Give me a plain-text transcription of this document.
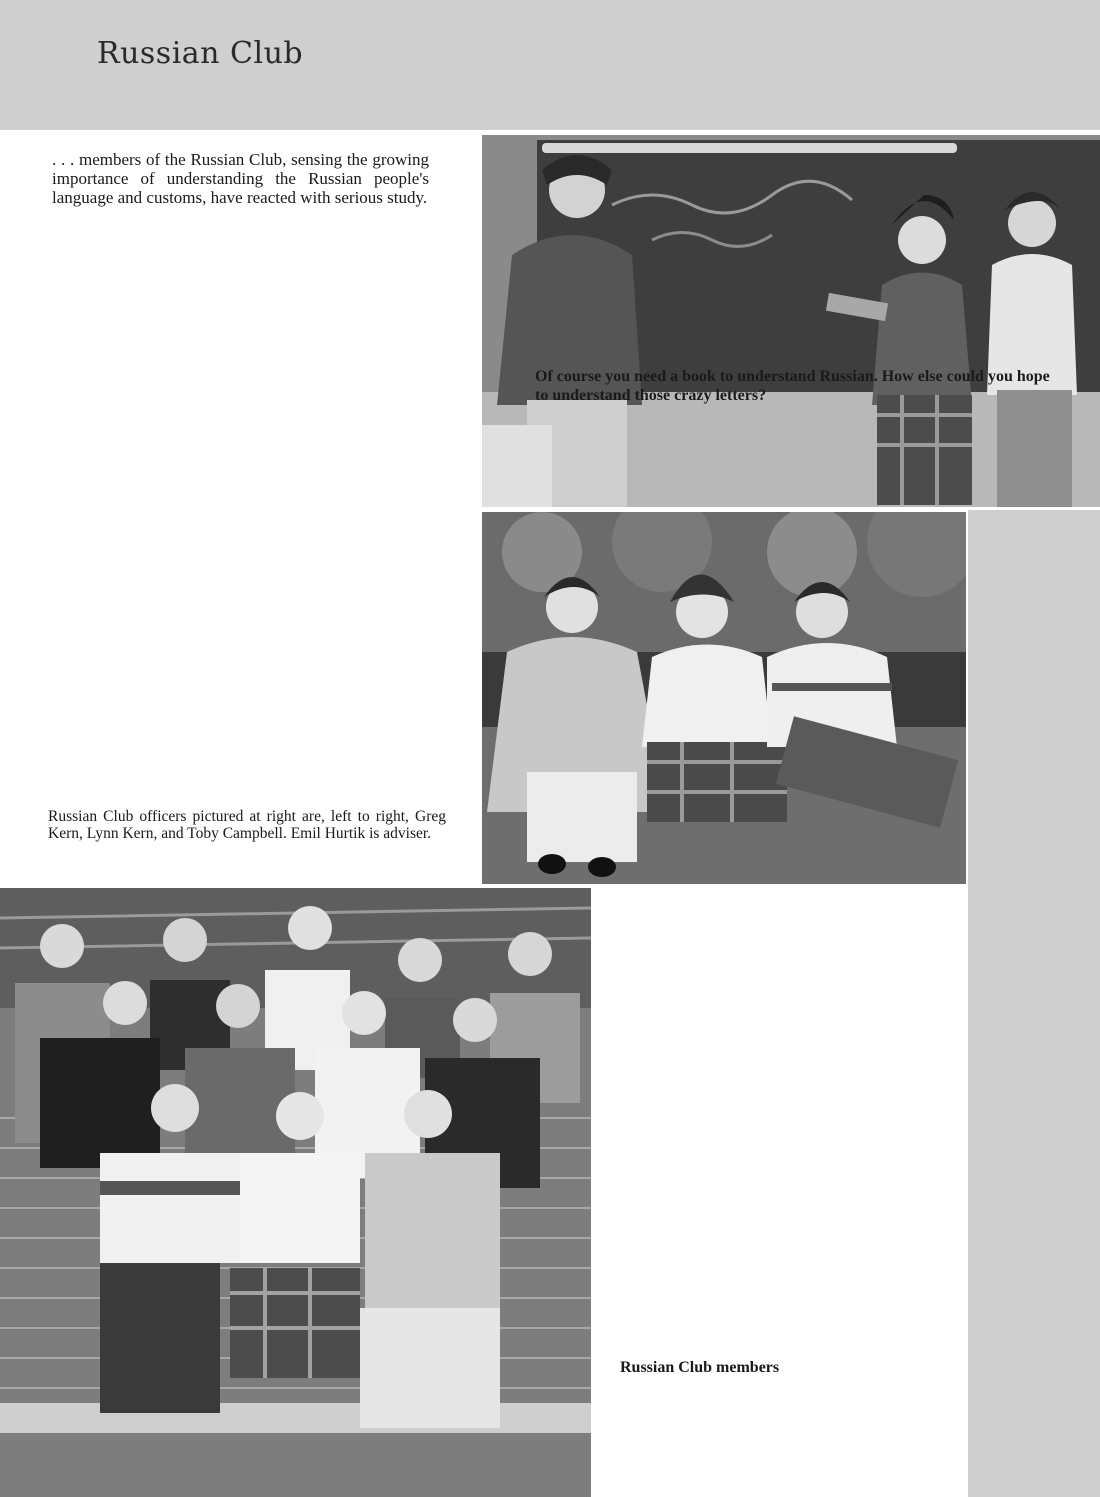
Russian Club

. . . members of the Russian Club, sensing the growing importance of understanding the Russian people's language and customs, have reacted with serious study.

Of course you need a book to understand Russian. How else could you hope to understand those crazy letters?

Russian Club officers pictured at right are, left to right, Greg Kern, Lynn Kern, and Toby Campbell. Emil Hurtik is adviser.

Russian Club members
